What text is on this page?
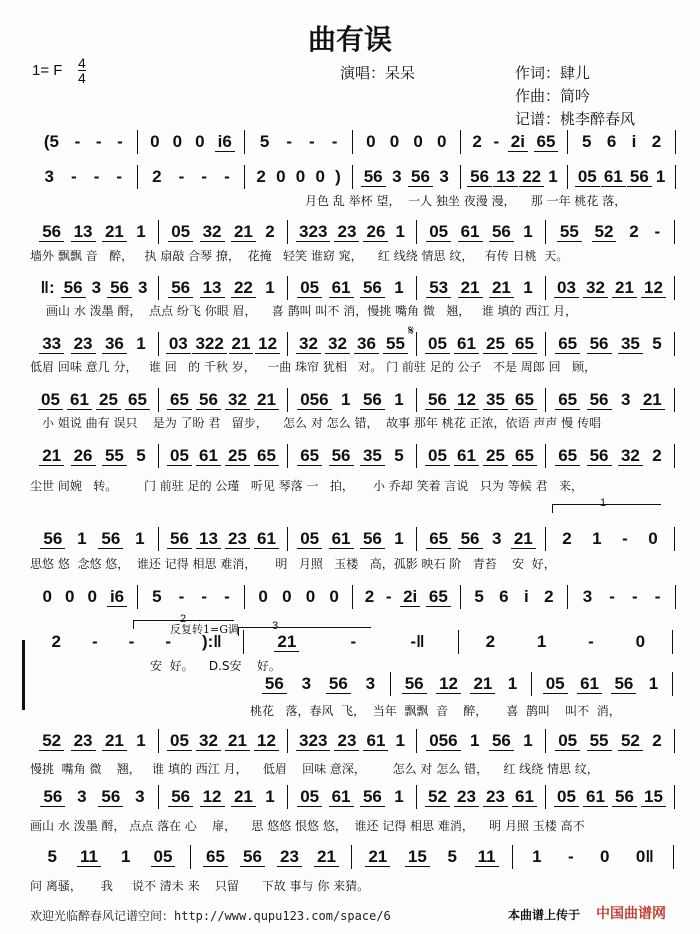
曲有误
1= F 4
4	演唱：呆呆	作词：肆儿
作曲：简吟
记谱：桃李醉春风
(5 - - - 0 0 0 i6 5 - - - 0 0 0 0 2 - 2i 65 5 6 i 2
3 - - - 2 - - - 2 0 0 0 ) 56 3 56 3 56 13 22 1 05 61 56 1
56 13 21 1 05 32 21 2 323 23 26 1 05 61 56 1 55 52 2 -
‖: 56 3 56 3 56 13 22 1 05 61 56 1 53 21 21 1 03 32 21 12
33 23 36 1 03 322 21 12 32 32 36 55 05 61 25 65 65 56 35 5
05 61 25 65 65 56 32 21 056 1 56 1 56 12 35 65 65 56 3 21
21 26 55 5 05 61 25 65 65 56 35 5 05 61 25 65 65 56 32 2
56 1 56 1 56 13 23 61 05 61 56 1 65 56 3 21 2 1 - 0
0 0 0 i6 5 - - - 0 0 0 0 2 - 2i 65 5 6 i 2 3 - - -
2 - - - ):‖	21	-	-‖	2 1 - 0
56 3 56 3 56 12 21 1 05 61 56 1
52 23 21 1 05 32 21 12 323 23 61 1 056 1 56 1 05 55 52 2
56 3 56 3 56 12 21 1 05 61 56 1 52 23 23 61 05 61 56 15
5 11 1 05 65 56 23 21 21 15 5 11 1 - 0 0‖
月色 乱 举杯 望，  一人 独坐 夜漫 漫，    那 一年 桃花 落，
墙外 飘飘 音   醉，   执 扇敲 合琴 撩，  花掩   轻笑 谁窈 窕，    红 线绕 情思 纹，   有传 日桃  天。
画山 水 泼墨 酹，  点点 纷飞 你眼 眉，    喜 鹊叫 叫不 消，慢挑 嘴角 微   翘，   谁 填的 西江 月，
低眉 回味 意几 分，   谁 回   的 千秋 岁，   一曲 珠帘 犹相   对。 门 前驻 足的 公子   不是 周郎 回   顾，
小 姐说 曲有 误只    是为 了盼 君   留步，    怎么 对 怎么 错，  故事 那年 桃花 正浓，依语 声声 慢 传唱
尘世 间婉   转。       门 前驻 足的 公瑾   听见 琴落 一   拍，     小 乔却 笑着 言说   只为 等候 君   来，
思悠 悠  念悠 悠，  谁还 记得 相思 难消，     明   月照   玉楼   高，孤影 映石 阶   青苔    安  好，
安  好。    D.S安    好。
桃花   落，春风  飞，  当年  飘飘  音    醉，     喜  鹊叫    叫不  消，
慢挑  嘴角 微    翘，   谁 填的 西江 月，    低眉    回味 意深，       怎么 对 怎么 错，    红 线绕 情思 纹，
画山 水 泼墨 酹， 点点 落在 心    扉，    思 悠悠 恨悠 悠，  谁还 记得 相思 难消，    明 月照 玉楼 高不
问 离骚，     我     说不 清未 来    只留      下故 事与 你 来猜。
1
2
反复转1=G调	3
𝄋
欢迎光临醉春风记谱空间：http://www.qupu123.com/space/6	本曲谱上传于 中国曲谱网
